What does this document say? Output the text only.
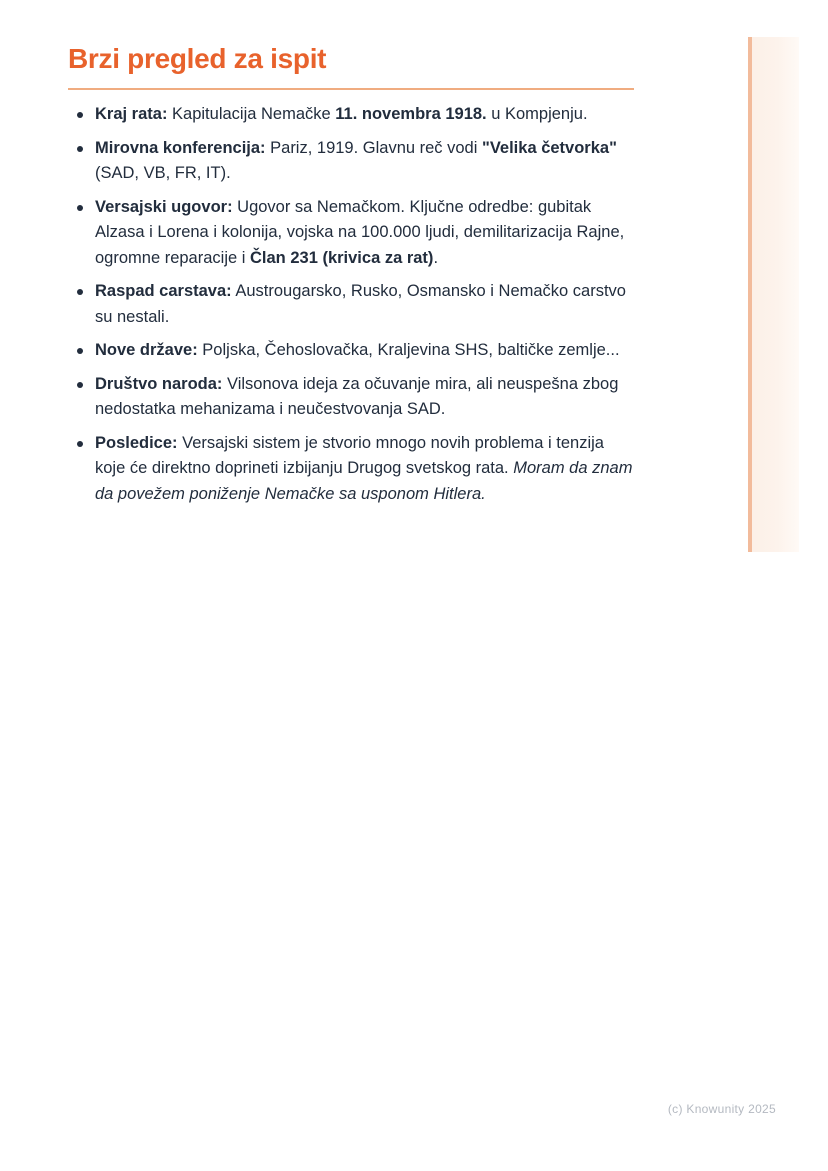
Brzi pregled za ispit
Kraj rata: Kapitulacija Nemačke 11. novembra 1918. u Kompjenju.
Mirovna konferencija: Pariz, 1919. Glavnu reč vodi "Velika četvorka" (SAD, VB, FR, IT).
Versajski ugovor: Ugovor sa Nemačkom. Ključne odredbe: gubitak Alzasa i Lorena i kolonija, vojska na 100.000 ljudi, demilitarizacija Rajne, ogromne reparacije i Član 231 (krivica za rat).
Raspad carstava: Austrougarsko, Rusko, Osmansko i Nemačko carstvo su nestali.
Nove države: Poljska, Čehoslovačka, Kraljevina SHS, baltičke zemlje...
Društvo naroda: Vilsonova ideja za očuvanje mira, ali neuspešna zbog nedostatka mehanizama i neučestvovanja SAD.
Posledice: Versajski sistem je stvorio mnogo novih problema i tenzija koje će direktno doprineti izbijanju Drugog svetskog rata. Moram da znam da povežem poniženje Nemačke sa usponom Hitlera.
(c) Knowunity 2025
